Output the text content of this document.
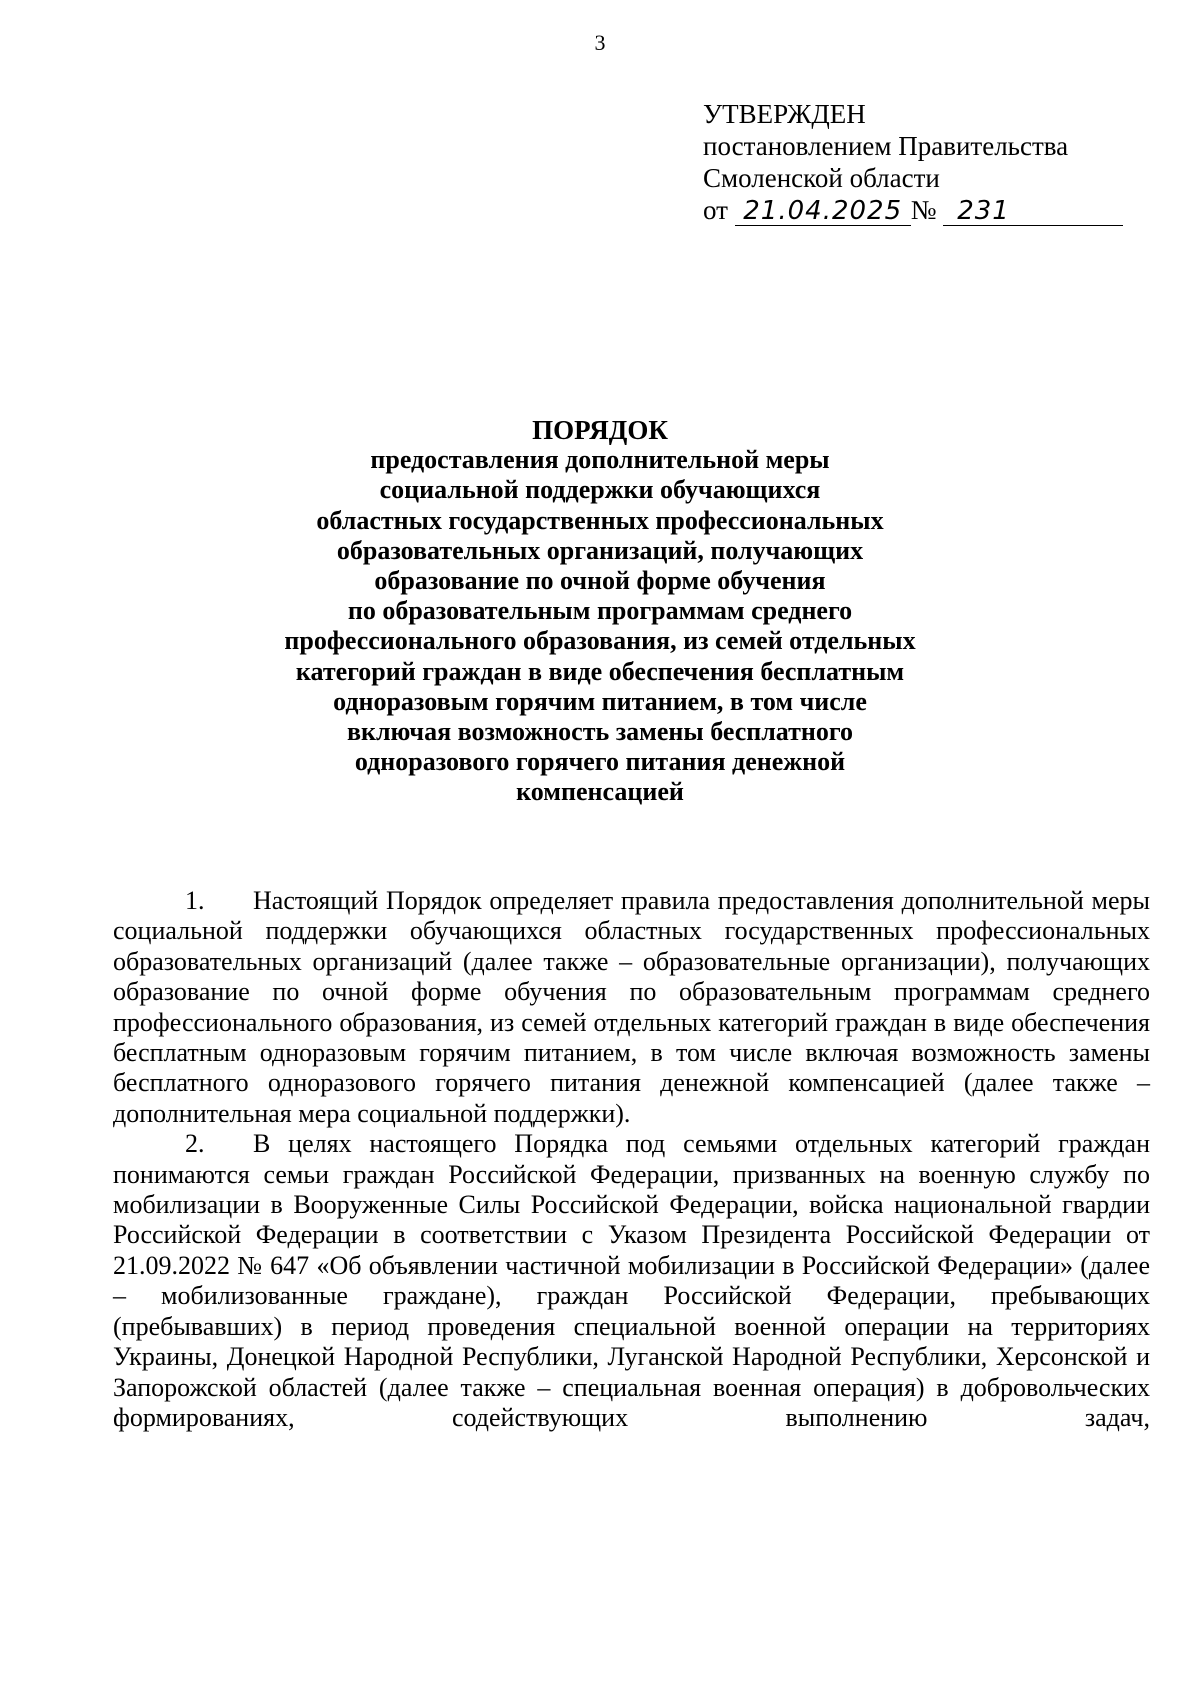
3
УТВЕРЖДЕН
постановлением Правительства
Смоленской области
от 21.04.2025 № 231
ПОРЯДОК
предоставления дополнительной меры
социальной поддержки обучающихся
областных государственных профессиональных
образовательных организаций, получающих
образование по очной форме обучения
по образовательным программам среднего
профессионального образования, из семей отдельных
категорий граждан в виде обеспечения бесплатным
одноразовым горячим питанием, в том числе
включая возможность замены бесплатного
одноразового горячего питания денежной
компенсацией

1. Настоящий Порядок определяет правила предоставления дополнительной меры социальной поддержки обучающихся областных государственных профессиональных образовательных организаций (далее также – образовательные организации), получающих образование по очной форме обучения по образовательным программам среднего профессионального образования, из семей отдельных категорий граждан в виде обеспечения бесплатным одноразовым горячим питанием, в том числе включая возможность замены бесплатного одноразового горячего питания денежной компенсацией (далее также – дополнительная мера социальной поддержки).

2. В целях настоящего Порядка под семьями отдельных категорий граждан понимаются семьи граждан Российской Федерации, призванных на военную службу по мобилизации в Вооруженные Силы Российской Федерации, войска национальной гвардии Российской Федерации в соответствии с Указом Президента Российской Федерации от 21.09.2022 № 647 «Об объявлении частичной мобилизации в Российской Федерации» (далее – мобилизованные граждане), граждан Российской Федерации, пребывающих (пребывавших) в период проведения специальной военной операции на территориях Украины, Донецкой Народной Республики, Луганской Народной Республики, Херсонской и Запорожской областей (далее также – специальная военная операция) в добровольческих формированиях, содействующих выполнению задач,
